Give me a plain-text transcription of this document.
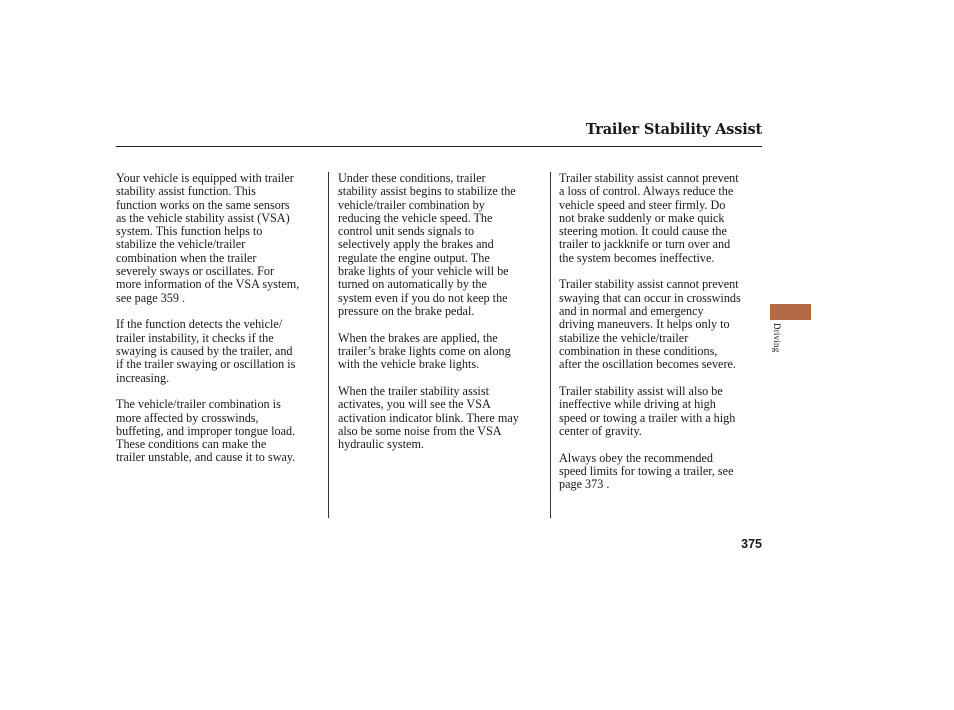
Trailer Stability Assist

Your vehicle is equipped with trailer
stability assist function. This
function works on the same sensors
as the vehicle stability assist (VSA)
system. This function helps to
stabilize the vehicle/trailer
combination when the trailer
severely sways or oscillates. For
more information of the VSA system,
see page 359 .

If the function detects the vehicle/
trailer instability, it checks if the
swaying is caused by the trailer, and
if the trailer swaying or oscillation is
increasing.

The vehicle/trailer combination is
more affected by crosswinds,
buffeting, and improper tongue load.
These conditions can make the
trailer unstable, and cause it to sway.

Under these conditions, trailer
stability assist begins to stabilize the
vehicle/trailer combination by
reducing the vehicle speed. The
control unit sends signals to
selectively apply the brakes and
regulate the engine output. The
brake lights of your vehicle will be
turned on automatically by the
system even if you do not keep the
pressure on the brake pedal.

When the brakes are applied, the
trailer’s brake lights come on along
with the vehicle brake lights.

When the trailer stability assist
activates, you will see the VSA
activation indicator blink. There may
also be some noise from the VSA
hydraulic system.

Trailer stability assist cannot prevent
a loss of control. Always reduce the
vehicle speed and steer firmly. Do
not brake suddenly or make quick
steering motion. It could cause the
trailer to jackknife or turn over and
the system becomes ineffective.

Trailer stability assist cannot prevent
swaying that can occur in crosswinds
and in normal and emergency
driving maneuvers. It helps only to
stabilize the vehicle/trailer
combination in these conditions,
after the oscillation becomes severe.

Trailer stability assist will also be
ineffective while driving at high
speed or towing a trailer with a high
center of gravity.

Always obey the recommended
speed limits for towing a trailer, see
page 373 .

Driving
375
